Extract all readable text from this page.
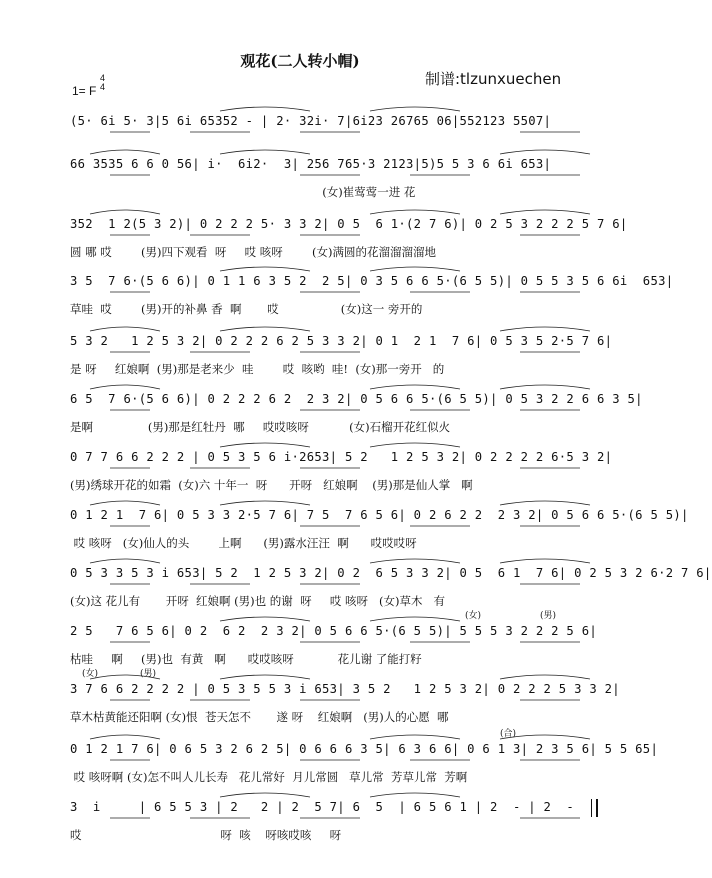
观花(二人转小帽)
制谱:tlzunxuechen
1= F
4
4
(5· 6i 5· 3|5 6i 65352 - | 2· 32i· 7|6i23 26765 06|552123 5507|
66 3535 6 6 0 56| i·  6i2·  3| 256 765·3 2123|5)5 5 3 6 6i 653|
(女)崔莺莺一进 花
352  1 2(5 3 2)| 0 2 2 2 5· 3 3 2| 0 5  6 1·(2 7 6)| 0 2 5 3 2 2 2 5 7 6|
圆 哪 哎        (男)四下观看  呀     哎 咳呀        (女)满圆的花溜溜溜溜地
3 5  7 6·(5 6 6)| 0 1 1 6 3 5 2  2 5| 0 3 5 6 6 5·(6 5 5)| 0 5 5 3 5 6 6i  653|
草哇  哎        (男)开的补鼻 香  啊       哎                 (女)这一 旁开的
5 3 2   1 2 5 3 2| 0 2 2 2 6 2 5 3 3 2| 0 1  2 1  7 6| 0 5 3 5 2·5 7 6|
是 呀     红娘啊  (男)那是老来少  哇        哎  咳哟  哇!  (女)那一旁开   的
6 5  7 6·(5 6 6)| 0 2 2 2 6 2  2 3 2| 0 5 6 6 5·(6 5 5)| 0 5 3 2 2 6 6 3 5|
是啊               (男)那是红牡丹  哪     哎哎咳呀           (女)石榴开花红似火
0 7 7 6 6 2 2 2 | 0 5 3 5 6 i·2653| 5 2   1 2 5 3 2| 0 2 2 2 2 6·5 3 2|
(男)绣球开花的如霜  (女)六 十年一  呀      开呀   红娘啊    (男)那是仙人掌   啊
0 1 2 1  7 6| 0 5 3 3 2·5 7 6| 7 5  7 6 5 6| 0 2 6 2 2  2 3 2| 0 5 6 6 5·(6 5 5)|
哎 咳呀   (女)仙人的头        上啊      (男)露水汪汪  啊      哎哎哎呀
0 5 3 3 5 3 i 653| 5 2  1 2 5 3 2| 0 2  6 5 3 3 2| 0 5  6 1  7 6| 0 2 5 3 2 6·2 7 6|
(女)这 花儿有       开呀  红娘啊 (男)也 的谢  呀     哎 咳呀   (女)草木   有
2 5   7 6 5 6| 0 2  6 2  2 3 2| 0 5 6 6 5·(6 5 5)| 5 5 5 3 2 2 2 5 6|
枯哇     啊     (男)也  有黄   啊      哎哎咳呀            花儿谢 了能打籽
(女)	(男)
3 7 6 6 2 2 2 2 | 0 5 3 5 5 3 i 653| 3 5 2   1 2 5 3 2| 0 2 2 2 5 3 3 2|
草木枯黄能还阳啊 (女)恨  苍天怎不       遂 呀    红娘啊   (男)人的心愿  哪
(女)	(男)
0 1 2 1 7 6| 0 6 5 3 2 6 2 5| 0 6 6 6 3 5| 6 3 6 6| 0 6 1 3| 2 3 5 6| 5 5 65|
哎 咳呀啊 (女)怎不叫人儿长寿   花儿常好  月儿常圆   草儿常  芳草儿常  芳啊
(合)
3  i     | 6 5 5 3 | 2   2 | 2  5 7| 6  5  | 6 5 6 1 | 2  - | 2  -
哎                                      呀  咳    呀咳哎咳     呀
